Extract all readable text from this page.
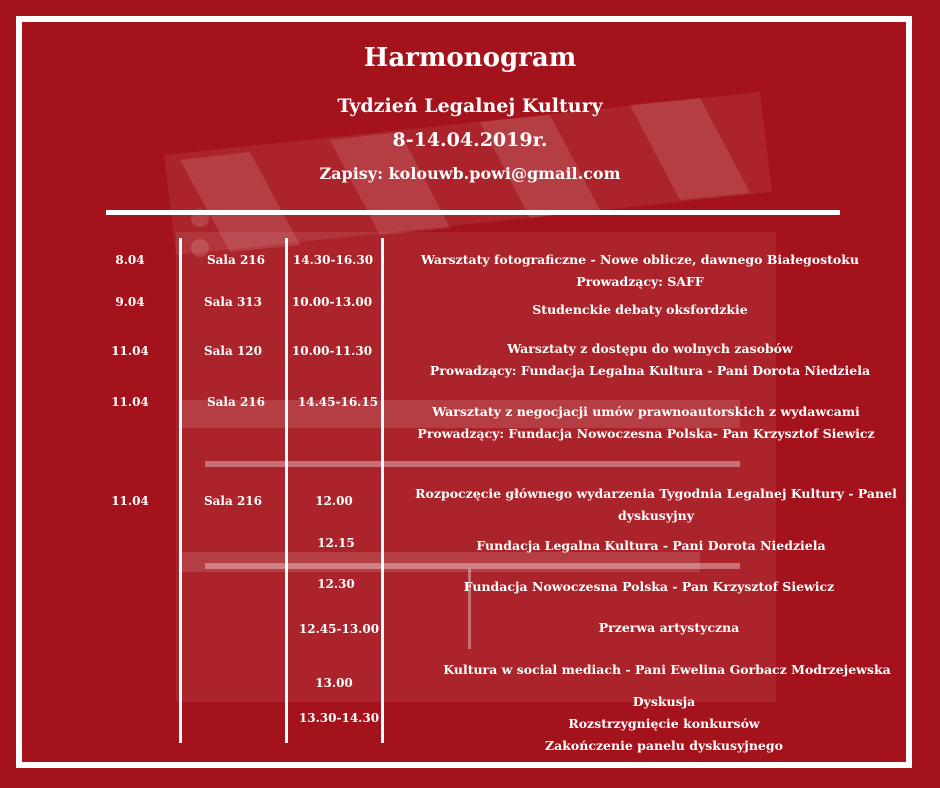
Harmonogram
Tydzień Legalnej Kultury
8-14.04.2019r.
Zapisy: kolouwb.powi@gmail.com
8.04	Sala 216	14.30-16.30	Warsztaty fotograficzne - Nowe oblicze, dawnego Białegostoku
Prowadzący: SAFF
9.04	Sala 313	10.00-13.00	Studenckie debaty oksfordzkie
11.04	Sala 120	10.00-11.30	Warsztaty z dostępu do wolnych zasobów
Prowadzący: Fundacja Legalna Kultura - Pani Dorota Niedziela
11.04	Sala 216	14.45-16.15
Warsztaty z negocjacji umów prawnoautorskich z wydawcami
Prowadzący: Fundacja Nowoczesna Polska- Pan Krzysztof Siewicz
11.04	Sala 216	12.00	Rozpoczęcie głównego wydarzenia Tygodnia Legalnej Kultury - Panel
dyskusyjny
12.15	Fundacja Legalna Kultura - Pani Dorota Niedziela
12.30	Fundacja Nowoczesna Polska - Pan Krzysztof Siewicz
12.45-13.00	Przerwa artystyczna
13.00
Kultura w social mediach - Pani Ewelina Gorbacz Modrzejewska
13.30-14.30
Dyskusja
Rozstrzygnięcie konkursów
Zakończenie panelu dyskusyjnego
